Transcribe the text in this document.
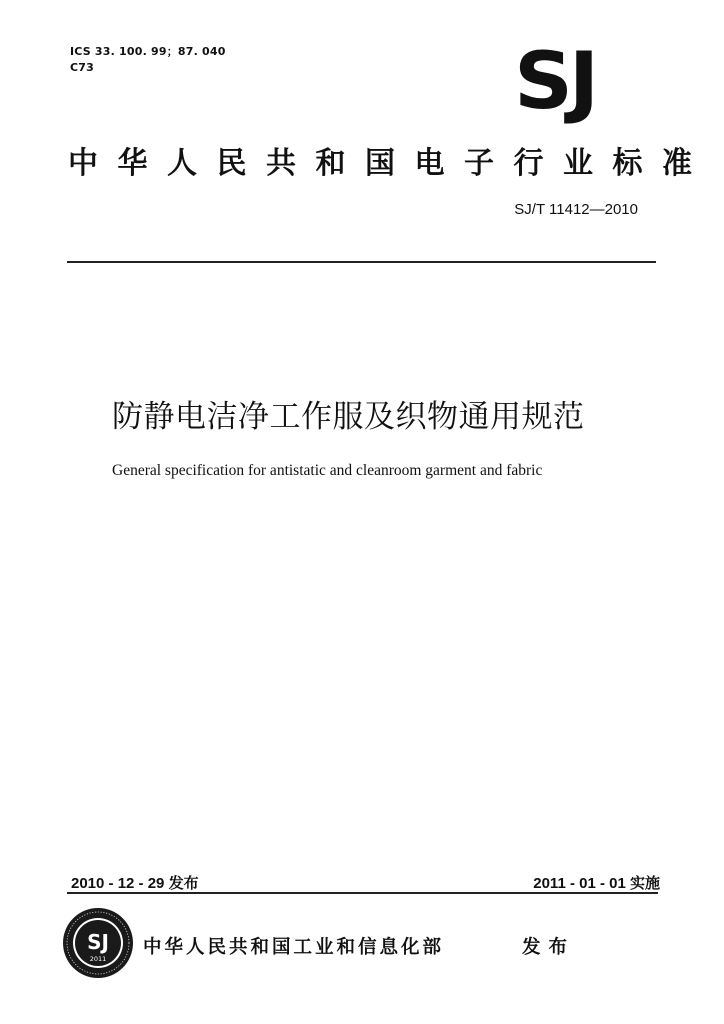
ICS 33. 100. 99；87. 040
C73	SJ
中华人民共和国电子行业标准
SJ/T 11412—2010
防静电洁净工作服及织物通用规范
General specification for antistatic and cleanroom garment and fabric
2010 - 12 - 29 发布	2011 - 01 - 01 实施
SJ
2011
中华人民共和国工业和信息化部	发布
